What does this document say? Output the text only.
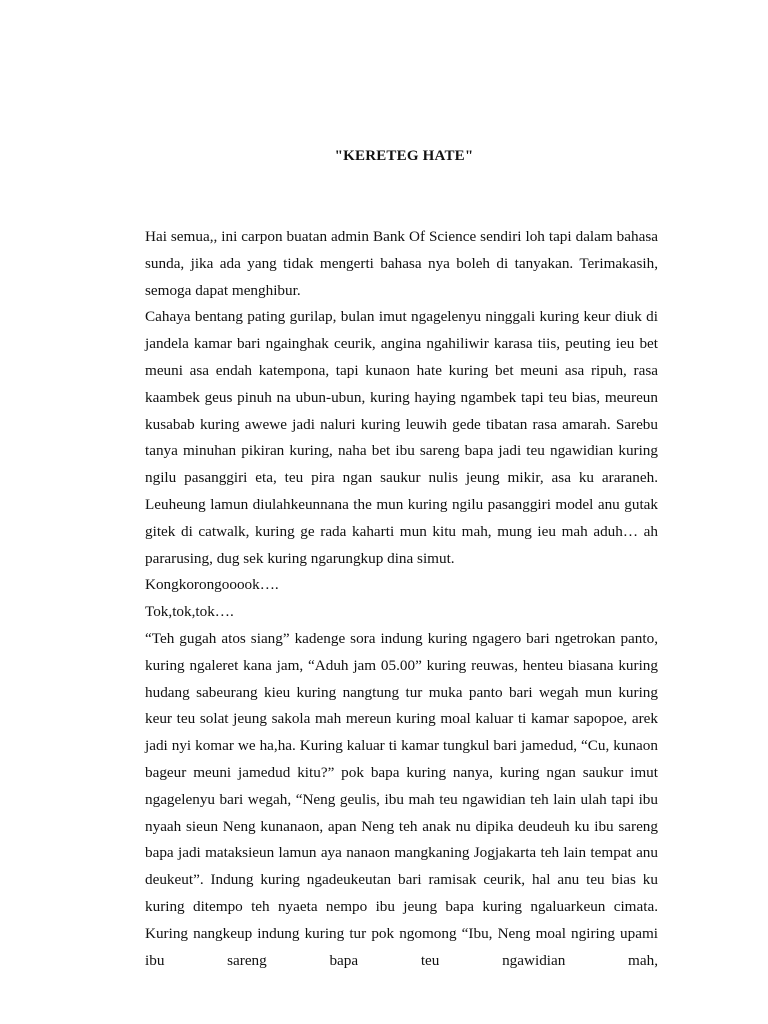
"KERETEG HATE"

Hai semua,, ini carpon buatan admin Bank Of Science sendiri loh tapi dalam bahasa sunda, jika ada yang tidak mengerti bahasa nya boleh di tanyakan. Terimakasih, semoga dapat menghibur.

Cahaya bentang pating gurilap, bulan imut ngagelenyu ninggali kuring keur diuk di jandela kamar bari ngainghak ceurik, angina ngahiliwir karasa tiis, peuting ieu bet meuni asa endah katempona, tapi kunaon hate kuring bet meuni asa ripuh, rasa kaambek geus pinuh na ubun-ubun, kuring haying ngambek tapi teu bias, meureun kusabab kuring awewe jadi naluri kuring leuwih gede tibatan rasa amarah. Sarebu tanya minuhan pikiran kuring, naha bet ibu sareng bapa jadi teu ngawidian kuring ngilu pasanggiri eta, teu pira ngan saukur nulis jeung mikir, asa ku araraneh. Leuheung lamun diulahkeunnana the mun kuring ngilu pasanggiri model anu gutak gitek di catwalk, kuring ge rada kaharti mun kitu mah, mung ieu mah aduh… ah pararusing, dug sek kuring ngarungkup dina simut.

Kongkorongooook….

Tok,tok,tok….

“Teh gugah atos siang” kadenge sora indung kuring ngagero bari ngetrokan panto, kuring ngaleret kana jam, “Aduh jam 05.00” kuring reuwas, henteu biasana kuring hudang sabeurang kieu kuring nangtung tur muka panto bari wegah mun kuring keur teu solat jeung sakola mah mereun kuring moal kaluar ti kamar sapopoe, arek jadi nyi komar we ha,ha. Kuring kaluar ti kamar tungkul bari jamedud, “Cu, kunaon bageur meuni jamedud kitu?” pok bapa kuring nanya, kuring ngan saukur imut ngagelenyu bari wegah, “Neng geulis, ibu mah teu ngawidian teh lain ulah tapi ibu nyaah sieun Neng kunanaon, apan Neng teh anak nu dipika deudeuh ku ibu sareng bapa jadi mataksieun lamun aya nanaon mangkaning Jogjakarta teh lain tempat anu deukeut”. Indung kuring ngadeukeutan bari ramisak ceurik, hal anu teu bias ku kuring ditempo teh nyaeta nempo ibu jeung bapa kuring ngaluarkeun cimata. Kuring nangkeup indung kuring tur pok ngomong “Ibu, Neng moal ngiring upami ibu sareng bapa teu ngawidian mah,
